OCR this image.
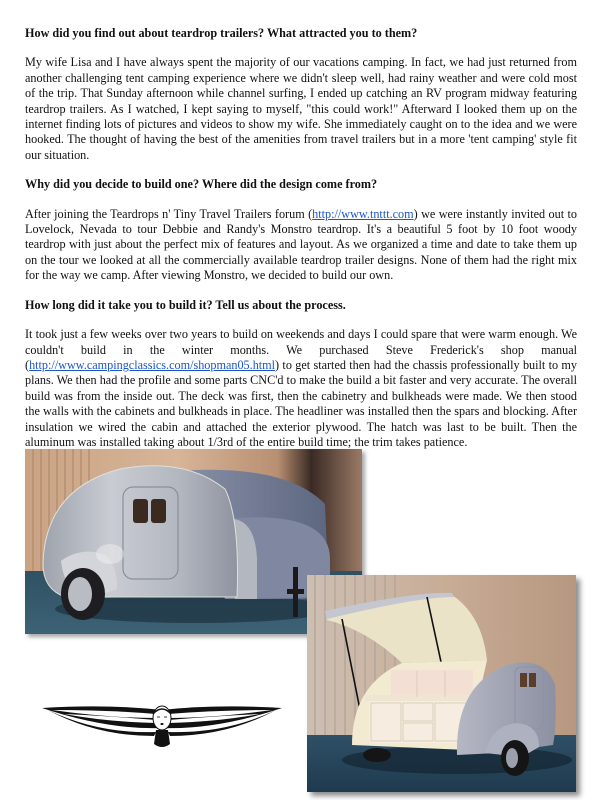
How did you find out about teardrop trailers? What attracted you to them?
My wife Lisa and I have always spent the majority of our vacations camping. In fact, we had just returned from another challenging tent camping experience where we didn't sleep well, had rainy weather and were cold most of the trip. That Sunday afternoon while channel surfing, I ended up catching an RV program midway featuring teardrop trailers. As I watched, I kept saying to myself, "this could work!" Afterward I looked them up on the internet finding lots of pictures and videos to show my wife. She immediately caught on to the idea and we were hooked. The thought of having the best of the amenities from travel trailers but in a more 'tent camping' style fit our situation.
Why did you decide to build one? Where did the design come from?
After joining the Teardrops n' Tiny Travel Trailers forum (http://www.tnttt.com) we were instantly invited out to Lovelock, Nevada to tour Debbie and Randy's Monstro teardrop. It's a beautiful 5 foot by 10 foot woody teardrop with just about the perfect mix of features and layout. As we organized a time and date to take them up on the tour we looked at all the commercially available teardrop trailer designs. None of them had the right mix for the way we camp. After viewing Monstro, we decided to build our own.
How long did it take you to build it? Tell us about the process.
It took just a few weeks over two years to build on weekends and days I could spare that were warm enough. We couldn't build in the winter months. We purchased Steve Frederick's shop manual (http://www.campingclassics.com/shopman05.html) to get started then had the chassis professionally built to my plans. We then had the profile and some parts CNC'd to make the build a bit faster and very accurate. The overall build was from the inside out. The deck was first, then the cabinetry and bulkheads were made. We then stood the walls with the cabinets and bulkheads in place. The headliner was installed then the spars and blocking. After insulation we wired the cabin and attached the exterior plywood. The hatch was last to be built. Then the aluminum was installed taking about 1/3rd of the entire build time; the trim takes patience.
